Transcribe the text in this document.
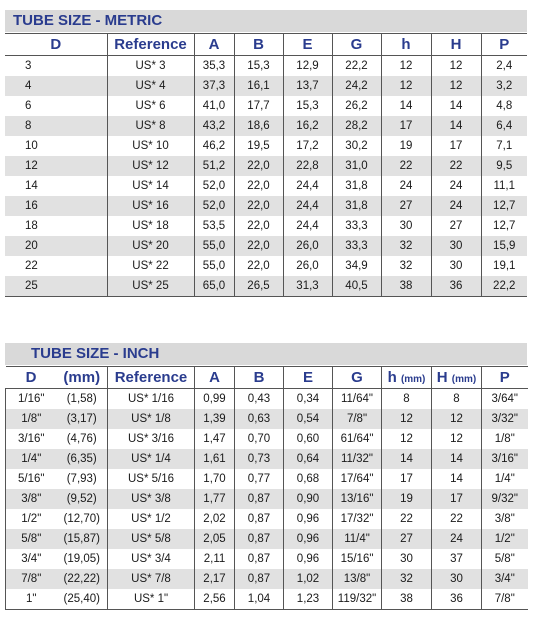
TUBE SIZE - METRIC
D	Reference	A	B	E	G	h	H	P
3	US* 3	35,3	15,3	12,9	22,2	12	12	2,4
4	US* 4	37,3	16,1	13,7	24,2	12	12	3,2
6	US* 6	41,0	17,7	15,3	26,2	14	14	4,8
8	US* 8	43,2	18,6	16,2	28,2	17	14	6,4
10	US* 10	46,2	19,5	17,2	30,2	19	17	7,1
12	US* 12	51,2	22,0	22,8	31,0	22	22	9,5
14	US* 14	52,0	22,0	24,4	31,8	24	24	11,1
16	US* 16	52,0	22,0	24,4	31,8	27	24	12,7
18	US* 18	53,5	22,0	24,4	33,3	30	27	12,7
20	US* 20	55,0	22,0	26,0	33,3	32	30	15,9
22	US* 22	55,0	22,0	26,0	34,9	32	30	19,1
25	US* 25	65,0	26,5	31,3	40,5	38	36	22,2
TUBE SIZE - INCH
D	(mm)	Reference	A	B	E	G	h (mm)	H (mm)	P
1/16"	(1,58)	US* 1/16	0,99	0,43	0,34	11/64"	8	8	3/64"
1/8"	(3,17)	US* 1/8	1,39	0,63	0,54	7/8"	12	12	3/32"
3/16"	(4,76)	US* 3/16	1,47	0,70	0,60	61/64"	12	12	1/8"
1/4"	(6,35)	US* 1/4	1,61	0,73	0,64	11/32"	14	14	3/16"
5/16"	(7,93)	US* 5/16	1,70	0,77	0,68	17/64"	17	14	1/4"
3/8"	(9,52)	US* 3/8	1,77	0,87	0,90	13/16"	19	17	9/32"
1/2"	(12,70)	US* 1/2	2,02	0,87	0,96	17/32"	22	22	3/8"
5/8"	(15,87)	US* 5/8	2,05	0,87	0,96	11/4"	27	24	1/2"
3/4"	(19,05)	US* 3/4	2,11	0,87	0,96	15/16"	30	37	5/8"
7/8"	(22,22)	US* 7/8	2,17	0,87	1,02	13/8"	32	30	3/4"
1"	(25,40)	US* 1"	2,56	1,04	1,23	119/32"	38	36	7/8"
